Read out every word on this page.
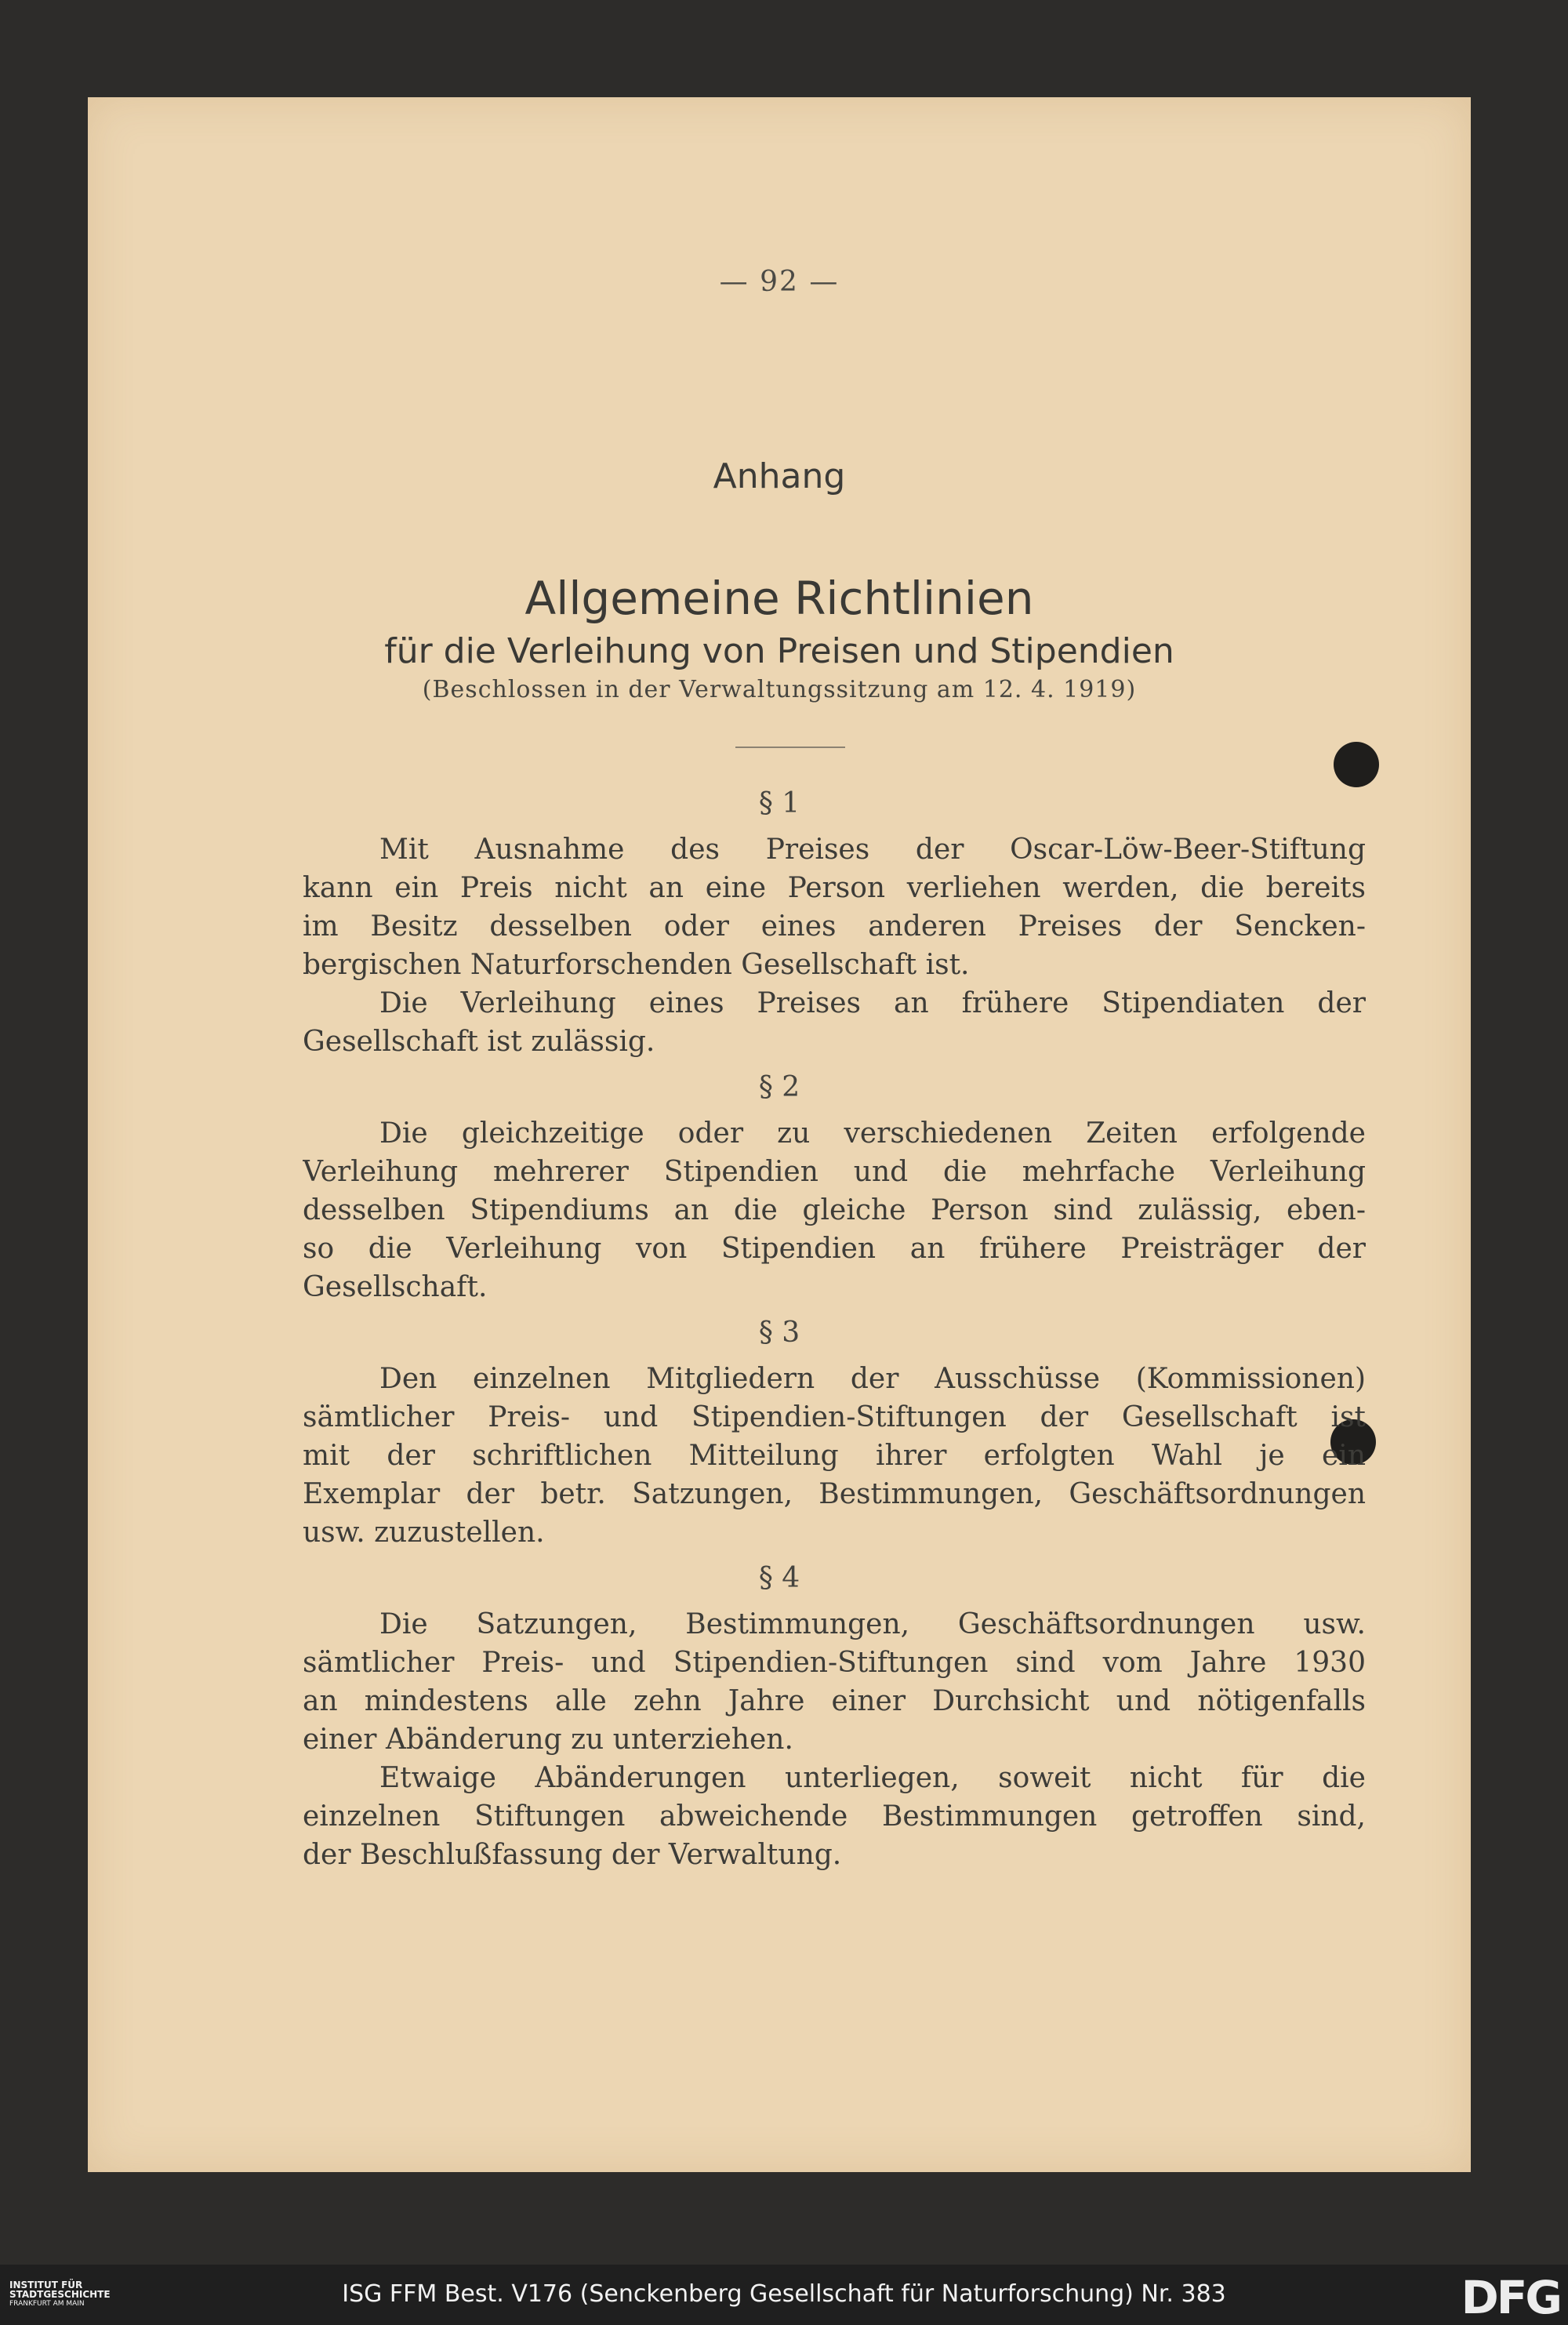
— 92 —
Anhang
Allgemeine Richtlinien
für die Verleihung von Preisen und Stipendien
(Beschlossen in der Verwaltungssitzung am 12. 4. 1919)
§ 1
Mit Ausnahme des Preises der Oscar-Löw-Beer-Stiftung
kann ein Preis nicht an eine Person verliehen werden, die bereits
im Besitz desselben oder eines anderen Preises der Sencken-
bergischen Naturforschenden Gesellschaft ist.
Die Verleihung eines Preises an frühere Stipendiaten der
Gesellschaft ist zulässig.
§ 2
Die gleichzeitige oder zu verschiedenen Zeiten erfolgende
Verleihung mehrerer Stipendien und die mehrfache Verleihung
desselben Stipendiums an die gleiche Person sind zulässig, eben-
so die Verleihung von Stipendien an frühere Preisträger der
Gesellschaft.
§ 3
Den einzelnen Mitgliedern der Ausschüsse (Kommissionen)
sämtlicher Preis- und Stipendien-Stiftungen der Gesellschaft ist
mit der schriftlichen Mitteilung ihrer erfolgten Wahl je ein
Exemplar der betr. Satzungen, Bestimmungen, Geschäftsordnungen
usw. zuzustellen.
§ 4
Die Satzungen, Bestimmungen, Geschäftsordnungen usw.
sämtlicher Preis- und Stipendien-Stiftungen sind vom Jahre 1930
an mindestens alle zehn Jahre einer Durchsicht und nötigenfalls
einer Abänderung zu unterziehen.
Etwaige Abänderungen unterliegen, soweit nicht für die
einzelnen Stiftungen abweichende Bestimmungen getroffen sind,
der Beschlußfassung der Verwaltung.
INSTITUT FÜR
STADTGESCHICHTE
FRANKFURT AM MAIN	ISG FFM Best. V176 (Senckenberg Gesellschaft für Naturforschung) Nr. 383	DFG
